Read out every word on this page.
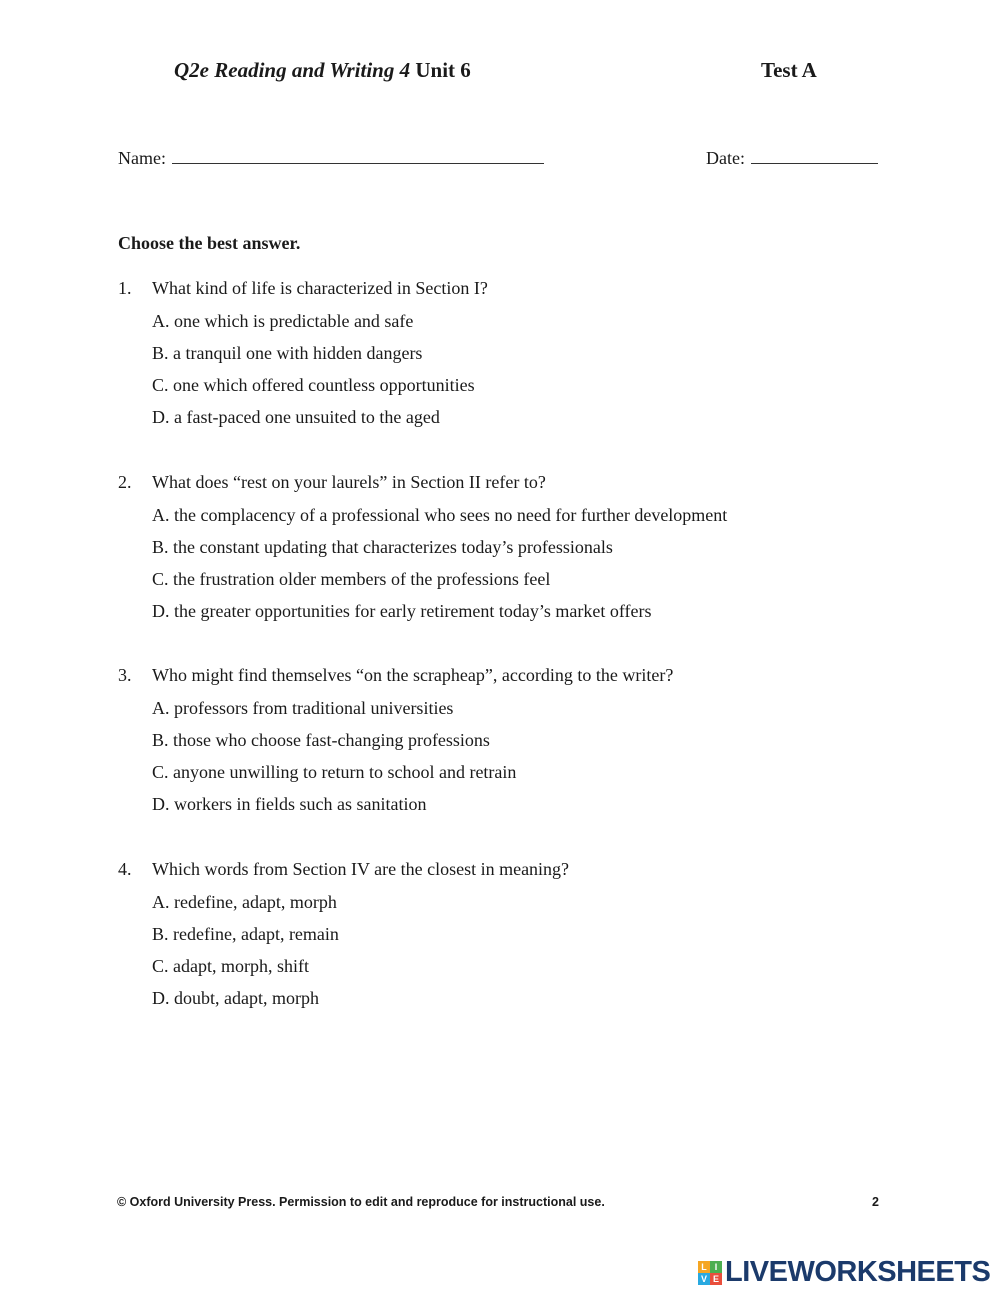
Q2e Reading and Writing 4 Unit 6	Test A
Name:	Date:
Choose the best answer.
1. What kind of life is characterized in Section I?
A. one which is predictable and safe
B. a tranquil one with hidden dangers
C. one which offered countless opportunities
D. a fast-paced one unsuited to the aged
2. What does “rest on your laurels” in Section II refer to?
A. the complacency of a professional who sees no need for further development
B. the constant updating that characterizes today’s professionals
C. the frustration older members of the professions feel
D. the greater opportunities for early retirement today’s market offers
3. Who might find themselves “on the scrapheap”, according to the writer?
A. professors from traditional universities
B. those who choose fast-changing professions
C. anyone unwilling to return to school and retrain
D. workers in fields such as sanitation
4. Which words from Section IV are the closest in meaning?
A. redefine, adapt, morph
B. redefine, adapt, remain
C. adapt, morph, shift
D. doubt, adapt, morph
© Oxford University Press. Permission to edit and reproduce for instructional use.	2
L I
V E LIVEWORKSHEETS
